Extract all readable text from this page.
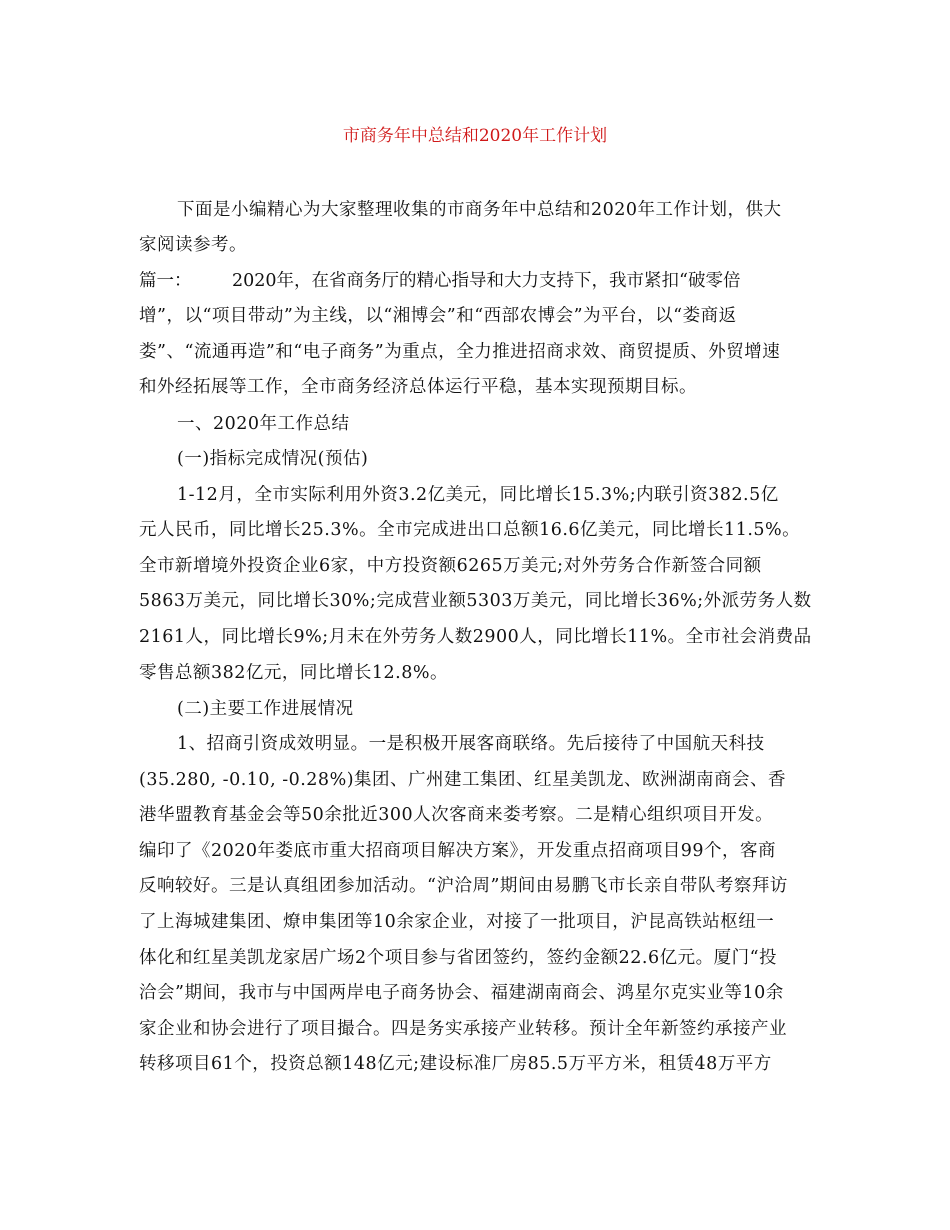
市商务年中总结和2020年工作计划
下面是小编精心为大家整理收集的市商务年中总结和2020年工作计划，供大
家阅读参考。
篇一： 2020年，在省商务厅的精心指导和大力支持下，我市紧扣“破零倍
增”，以“项目带动”为主线，以“湘博会”和“西部农博会”为平台，以“娄商返
娄”、“流通再造”和“电子商务”为重点，全力推进招商求效、商贸提质、外贸增速
和外经拓展等工作，全市商务经济总体运行平稳，基本实现预期目标。
一、2020年工作总结
(一)指标完成情况(预估)
1-12月，全市实际利用外资3.2亿美元，同比增长15.3%;内联引资382.5亿
元人民币，同比增长25.3%。全市完成进出口总额16.6亿美元，同比增长11.5%。
全市新增境外投资企业6家，中方投资额6265万美元;对外劳务合作新签合同额
5863万美元，同比增长30%;完成营业额5303万美元，同比增长36%;外派劳务人数
2161人，同比增长9%;月末在外劳务人数2900人，同比增长11%。全市社会消费品
零售总额382亿元，同比增长12.8%。
(二)主要工作进展情况
1、招商引资成效明显。一是积极开展客商联络。先后接待了中国航天科技
(35.280, -0.10, -0.28%)集团、广州建工集团、红星美凯龙、欧洲湖南商会、香
港华盟教育基金会等50余批近300人次客商来娄考察。二是精心组织项目开发。
编印了《2020年娄底市重大招商项目解决方案》，开发重点招商项目99个，客商
反响较好。三是认真组团参加活动。“沪洽周”期间由易鹏飞市长亲自带队考察拜访
了上海城建集团、燎申集团等10余家企业，对接了一批项目，沪昆高铁站枢纽一
体化和红星美凯龙家居广场2个项目参与省团签约，签约金额22.6亿元。厦门“投
洽会”期间，我市与中国两岸电子商务协会、福建湖南商会、鸿星尔克实业等10余
家企业和协会进行了项目撮合。四是务实承接产业转移。预计全年新签约承接产业
转移项目61个，投资总额148亿元;建设标准厂房85.5万平方米，租赁48万平方
